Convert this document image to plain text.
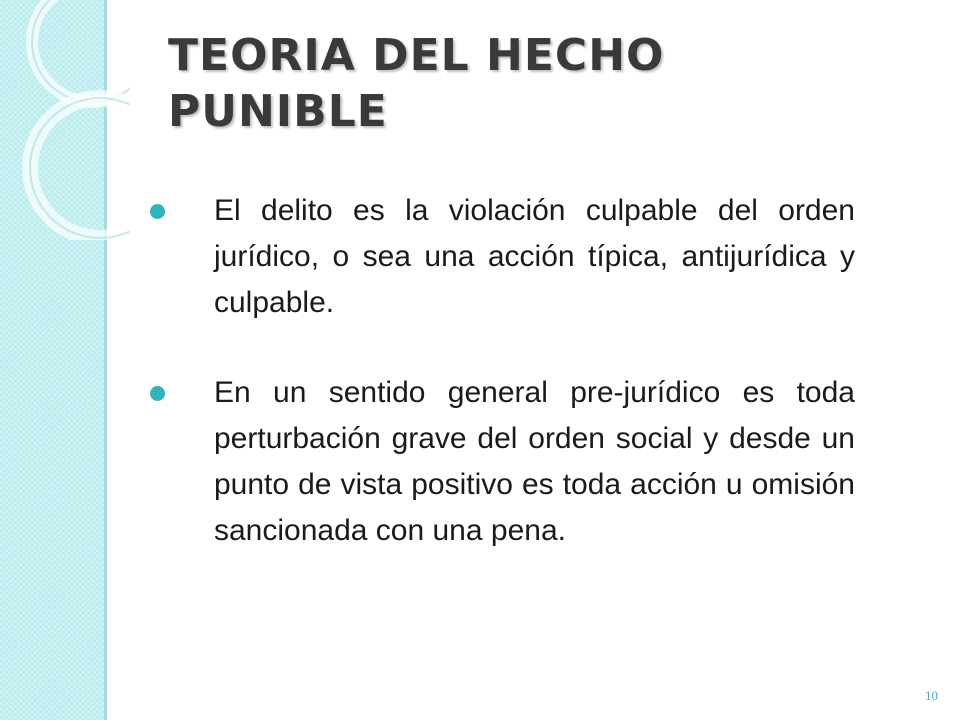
TEORIA DEL HECHO PUNIBLE
El delito es la violación culpable del orden jurídico, o sea una acción típica, antijurídica y culpable.
En un sentido general pre-jurídico es toda perturbación grave del orden social y desde un punto de vista positivo es toda acción u omisión sancionada con una pena.
10
